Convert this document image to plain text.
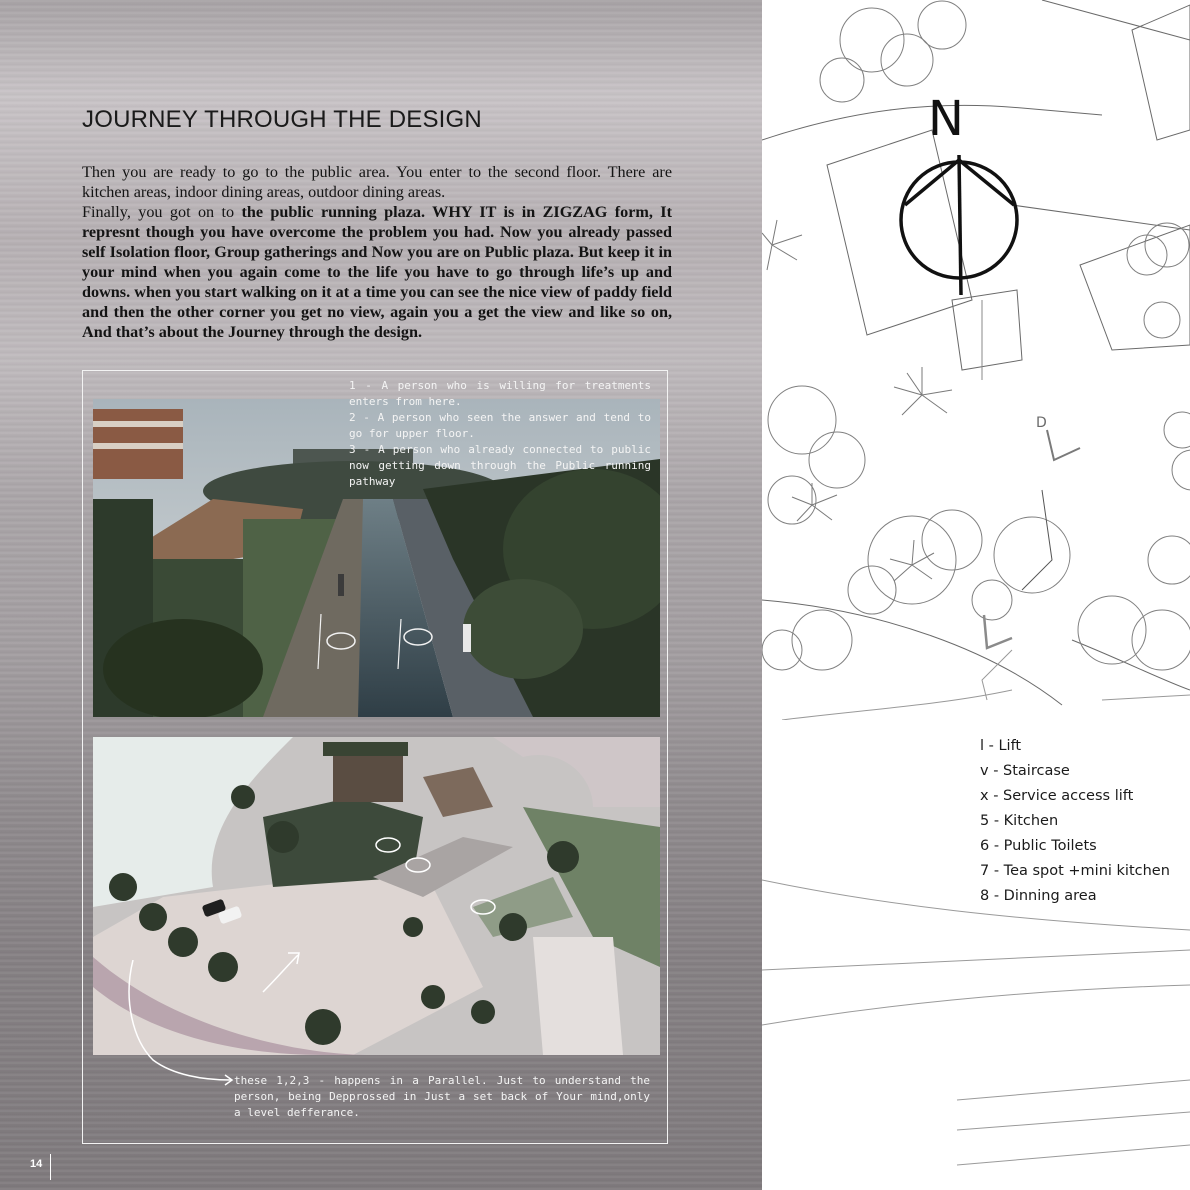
JOURNEY THROUGH THE DESIGN

Then you are ready to go to the public area. You enter to the second floor. There are kitchen areas, indoor dining areas, outdoor dining areas.

Finally, you got on to the public running plaza. WHY IT is in ZIGZAG form, It represnt though you have overcome the problem you had. Now you already passed self Isolation floor, Group gatherings and Now you are on Public plaza. But keep it in your mind when you again come to the life you have to go through life’s up and downs. when you start walking on it at a time you can see the nice view of paddy field and then the other corner you get no view, again you a get the view and like so on, And that’s about the Journey through the design.

1 - A person who is willing for treatments enters from here.

2 - A person who seen the answer and tend to go for upper floor.

3 - A person who already connected to public now getting down through the Public running pathway

these 1,2,3 - happens in a Parallel. Just to understand the person, being Depprossed in Just a set back of Your mind,only a level defferance.

14
N
D
l - Lift
v - Staircase
x - Service access lift
5 - Kitchen
6 - Public Toilets
7 - Tea spot +mini kitchen
8 - Dinning area
